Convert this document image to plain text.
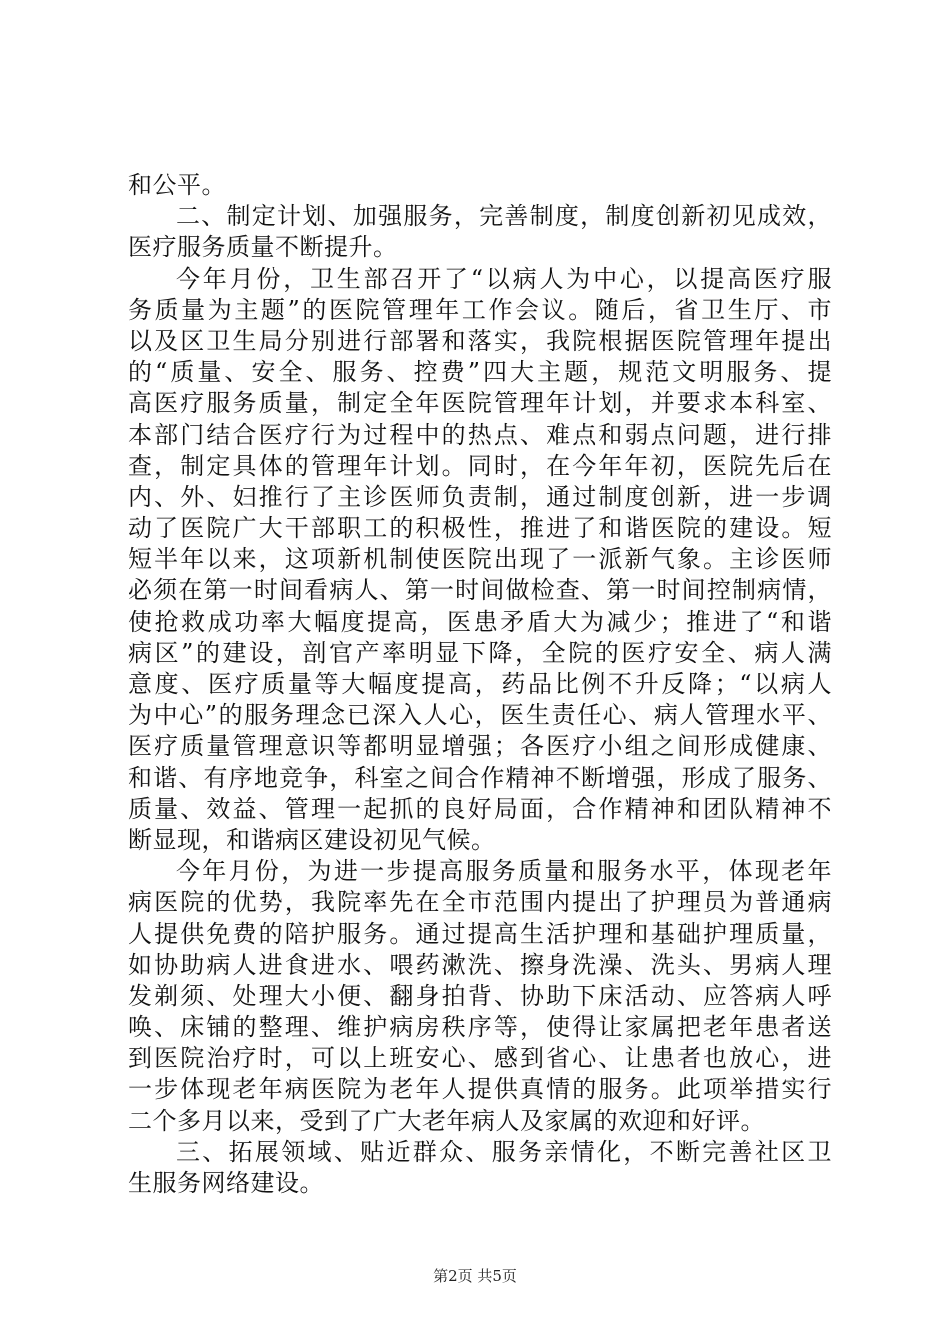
和公平。
二、制定计划、加强服务，完善制度，制度创新初见成效，
医疗服务质量不断提升。
今年月份，卫生部召开了“以病人为中心，以提高医疗服
务质量为主题”的医院管理年工作会议。随后，省卫生厅、市
以及区卫生局分别进行部署和落实，我院根据医院管理年提出
的“质量、安全、服务、控费”四大主题，规范文明服务、提
高医疗服务质量，制定全年医院管理年计划，并要求本科室、
本部门结合医疗行为过程中的热点、难点和弱点问题，进行排
查，制定具体的管理年计划。同时，在今年年初，医院先后在
内、外、妇推行了主诊医师负责制，通过制度创新，进一步调
动了医院广大干部职工的积极性，推进了和谐医院的建设。短
短半年以来，这项新机制使医院出现了一派新气象。主诊医师
必须在第一时间看病人、第一时间做检查、第一时间控制病情，
使抢救成功率大幅度提高，医患矛盾大为减少；推进了“和谐
病区”的建设，剖官产率明显下降，全院的医疗安全、病人满
意度、医疗质量等大幅度提高，药品比例不升反降；“以病人
为中心”的服务理念已深入人心，医生责任心、病人管理水平、
医疗质量管理意识等都明显增强；各医疗小组之间形成健康、
和谐、有序地竞争，科室之间合作精神不断增强，形成了服务、
质量、效益、管理一起抓的良好局面，合作精神和团队精神不
断显现，和谐病区建设初见气候。
今年月份，为进一步提高服务质量和服务水平，体现老年
病医院的优势，我院率先在全市范围内提出了护理员为普通病
人提供免费的陪护服务。通过提高生活护理和基础护理质量，
如协助病人进食进水、喂药漱洗、擦身洗澡、洗头、男病人理
发剃须、处理大小便、翻身拍背、协助下床活动、应答病人呼
唤、床铺的整理、维护病房秩序等，使得让家属把老年患者送
到医院治疗时，可以上班安心、感到省心、让患者也放心，进
一步体现老年病医院为老年人提供真情的服务。此项举措实行
二个多月以来，受到了广大老年病人及家属的欢迎和好评。
三、拓展领域、贴近群众、服务亲情化，不断完善社区卫
生服务网络建设。
第2页 共5页
